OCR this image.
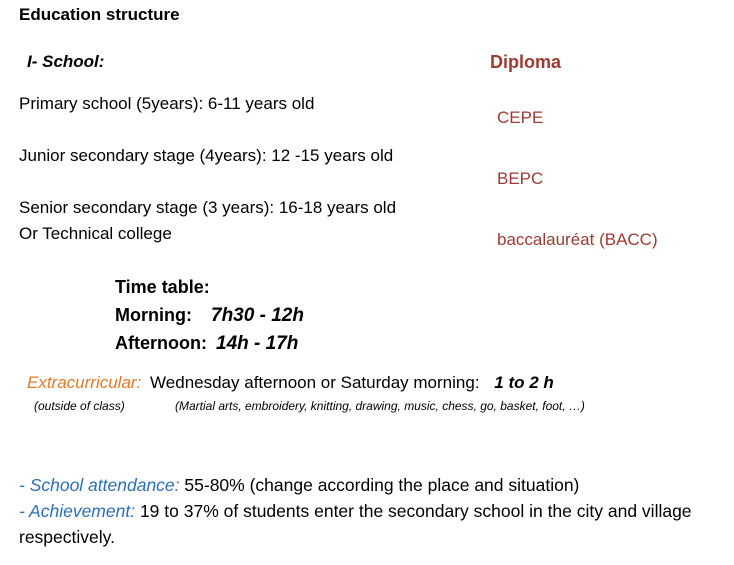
Education structure
I- School:	Diploma
Primary school (5years): 6-11 years old
Junior secondary stage (4years): 12 -15 years old
Senior secondary stage (3 years): 16-18 years old
Or Technical college
CEPE
BEPC
baccalauréat (BACC)
Time table:
Morning: 7h30 - 12h
Afternoon: 14h - 17h
Extracurricular: Wednesday afternoon or Saturday morning: 1 to 2 h
(outside of class)	(Martial arts, embroidery, knitting, drawing, music, chess, go, basket, foot, …)
- School attendance: 55-80% (change according the place and situation)
- Achievement: 19 to 37% of students enter the secondary school in the city and village respectively.
